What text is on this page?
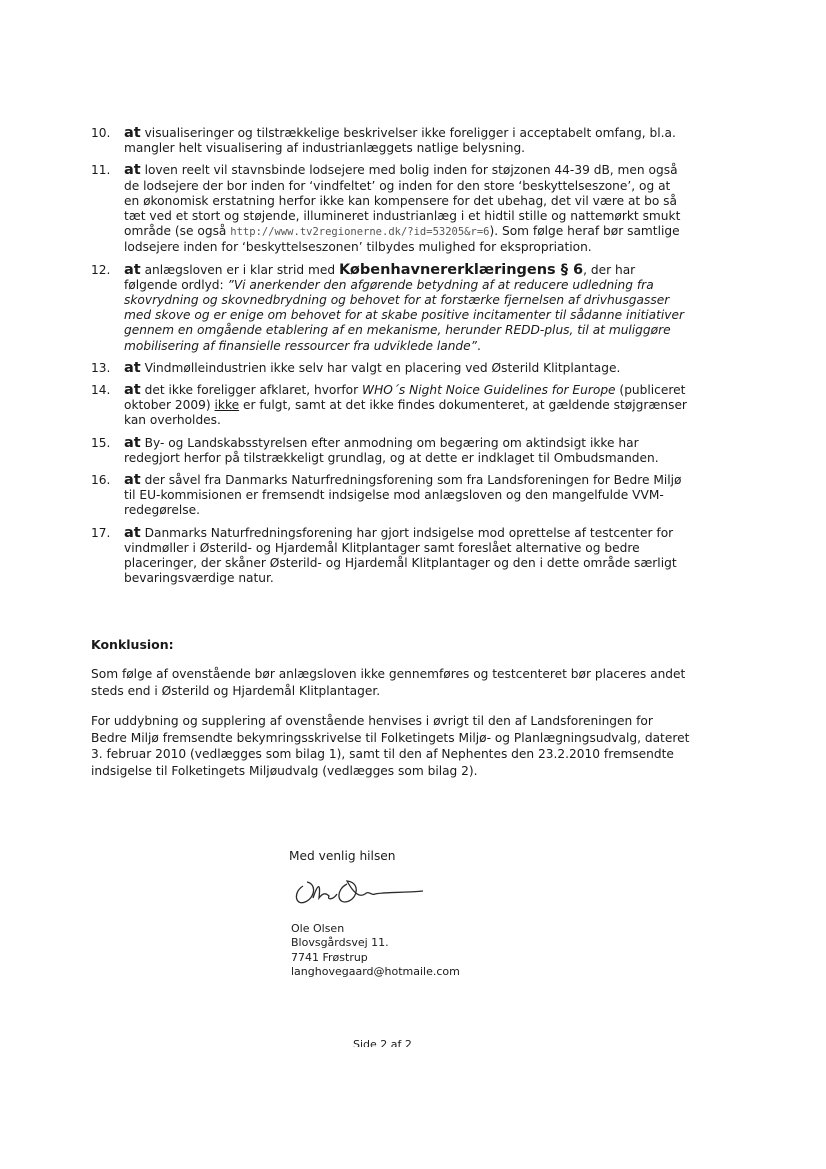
10. at visualiseringer og tilstrækkelige beskrivelser ikke foreligger i acceptabelt omfang, bl.a. mangler helt visualisering af industrianlæggets natlige belysning.
11. at loven reelt vil stavnsbinde lodsejere med bolig inden for støjzonen 44-39 dB, men også de lodsejere der bor inden for ‘vindfeltet’ og inden for den store ‘beskyttelseszone’, og at en økonomisk erstatning herfor ikke kan kompensere for det ubehag, det vil være at bo så tæt ved et stort og støjende, illumineret industrianlæg i et hidtil stille og nattemørkt smukt område (se også http://www.tv2regionerne.dk/?id=53205&r=6). Som følge heraf bør samtlige lodsejere inden for ‘beskyttelseszonen’ tilbydes mulighed for ekspropriation.
12. at anlægsloven er i klar strid med Københavnererklæringens § 6, der har følgende ordlyd: ”Vi anerkender den afgørende betydning af at reducere udledning fra skovrydning og skovnedbrydning og behovet for at forstærke fjernelsen af drivhusgasser med skove og er enige om behovet for at skabe positive incitamenter til sådanne initiativer gennem en omgående etablering af en mekanisme, herunder REDD-plus, til at muliggøre mobilisering af finansielle ressourcer fra udviklede lande”.
13. at Vindmølleindustrien ikke selv har valgt en placering ved Østerild Klitplantage.
14. at det ikke foreligger afklaret, hvorfor WHO´s Night Noice Guidelines for Europe (publiceret oktober 2009) ikke er fulgt, samt at det ikke findes dokumenteret, at gældende støjgrænser kan overholdes.
15. at By- og Landskabsstyrelsen efter anmodning om begæring om aktindsigt ikke har redegjort herfor på tilstrækkeligt grundlag, og at dette er indklaget til Ombudsmanden.
16. at der såvel fra Danmarks Naturfredningsforening som fra Landsforeningen for Bedre Miljø til EU-kommisionen er fremsendt indsigelse mod anlægsloven og den mangelfulde VVM-redegørelse.
17. at Danmarks Naturfredningsforening har gjort indsigelse mod oprettelse af testcenter for vindmøller i Østerild- og Hjardemål Klitplantager samt foreslået alternative og bedre placeringer, der skåner Østerild- og Hjardemål Klitplantager og den i dette område særligt bevaringsværdige natur.
Konklusion:
Som følge af ovenstående bør anlægsloven ikke gennemføres og testcenteret bør placeres andet steds end i Østerild og Hjardemål Klitplantager.
For uddybning og supplering af ovenstående henvises i øvrigt til den af Landsforeningen for Bedre Miljø fremsendte bekymringsskrivelse til Folketingets Miljø- og Planlægningsudvalg, dateret 3. februar 2010 (vedlægges som bilag 1), samt til den af Nephentes den 23.2.2010 fremsendte indsigelse til Folketingets Miljøudvalg (vedlægges som bilag 2).
Med venlig hilsen
Ole Olsen
Blovsgårdsvej 11.
7741 Frøstrup
langhovegaard@hotmaile.com
Side 2 af 2
